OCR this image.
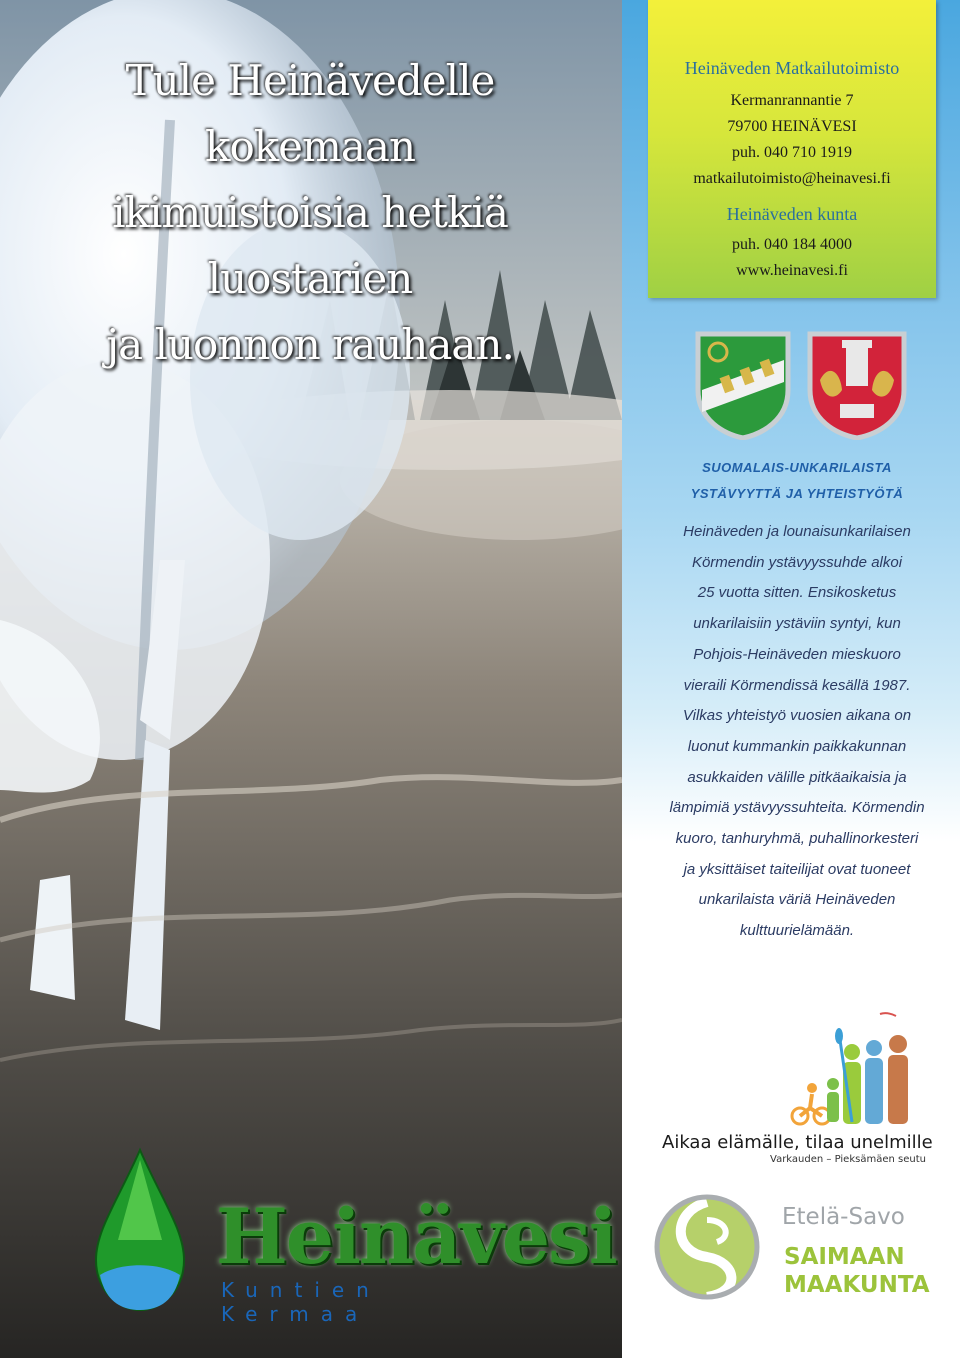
Tule Heinävedelle kokemaan
ikimuistoisia hetkiä luostarien
ja luonnon rauhaan.
Heinävesi
Kuntien Kermaa

Heinäveden Matkailutoimisto

Kermanrannantie 7

79700 HEINÄVESI

puh. 040 710 1919

matkailutoimisto@heinavesi.fi

Heinäveden kunta

puh. 040 184 4000

www.heinavesi.fi

SUOMALAIS-UNKARILAISTA
YSTÄVYYTTÄ JA YHTEISTYÖTÄ

Heinäveden ja lounaisunkarilaisen
Körmendin ystävyyssuhde alkoi
25 vuotta sitten. Ensikosketus
unkarilaisiin ystäviin syntyi, kun
Pohjois-Heinäveden mieskuoro
vieraili Körmendissä kesällä 1987.
Vilkas yhteistyö vuosien aikana on
luonut kummankin paikkakunnan
asukkaiden välille pitkäaikaisia ja
lämpimiä ystävyyssuhteita. Körmendin
kuoro, tanhuryhmä, puhallinorkesteri
ja yksittäiset taiteilijat ovat tuoneet
unkarilaista väriä Heinäveden
kulttuurielämään.

Aikaa elämälle, tilaa unelmille
Varkauden – Pieksämäen seutu
Etelä-Savo
SAIMAAN
MAAKUNTA
